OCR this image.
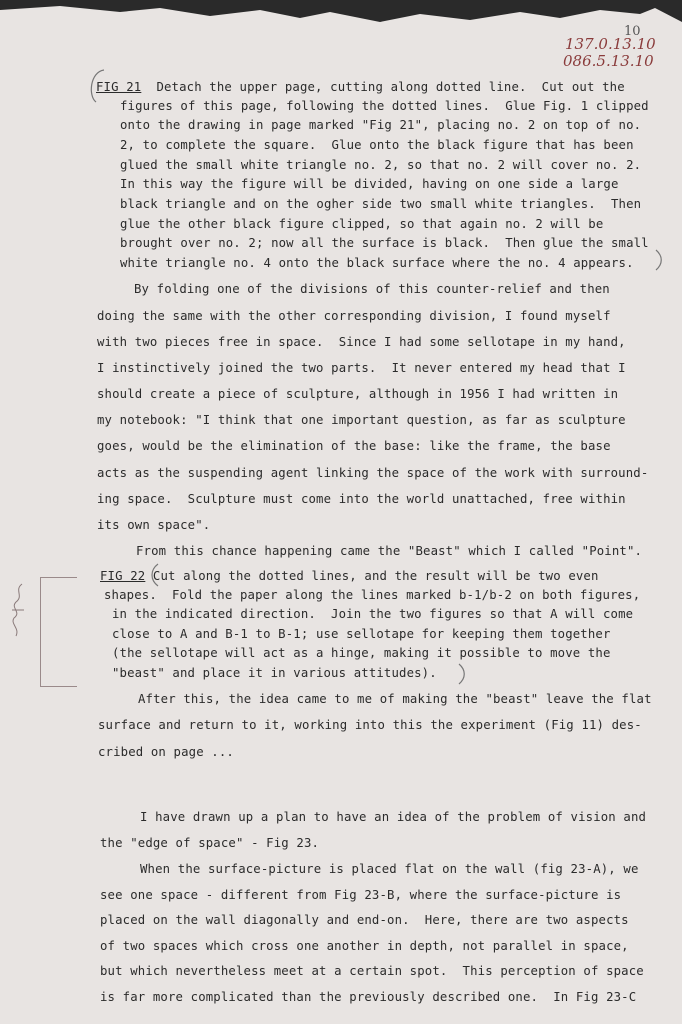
10
137.0.13.10
086.5.13.10
FIG 21 Detach the upper page, cutting along dotted line.  Cut out the
figures of this page, following the dotted lines.  Glue Fig. 1 clipped
onto the drawing in page marked "Fig 21", placing no. 2 on top of no.
2, to complete the square.  Glue onto the black figure that has been
glued the small white triangle no. 2, so that no. 2 will cover no. 2.
In this way the figure will be divided, having on one side a large
black triangle and on the ogher side two small white triangles.  Then
glue the other black figure clipped, so that again no. 2 will be
brought over no. 2; now all the surface is black.  Then glue the small
white triangle no. 4 onto the black surface where the no. 4 appears.
By folding one of the divisions of this counter-relief and then
doing the same with the other corresponding division, I found myself
with two pieces free in space.  Since I had some sellotape in my hand,
I instinctively joined the two parts.  It never entered my head that I
should create a piece of sculpture, although in 1956 I had written in
my notebook: "I think that one important question, as far as sculpture
goes, would be the elimination of the base: like the frame, the base
acts as the suspending agent linking the space of the work with surround-
ing space.  Sculpture must come into the world unattached, free within
its own space".
From this chance happening came the "Beast" which I called "Point".
FIG 22 Cut along the dotted lines, and the result will be two even
shapes.  Fold the paper along the lines marked b-1/b-2 on both figures,
in the indicated direction.  Join the two figures so that A will come
close to A and B-1 to B-1; use sellotape for keeping them together
(the sellotape will act as a hinge, making it possible to move the
"beast" and place it in various attitudes).
After this, the idea came to me of making the "beast" leave the flat
surface and return to it, working into this the experiment (Fig 11) des-
cribed on page ...
I have drawn up a plan to have an idea of the problem of vision and
the "edge of space" - Fig 23.
When the surface-picture is placed flat on the wall (fig 23-A), we
see one space - different from Fig 23-B, where the surface-picture is
placed on the wall diagonally and end-on.  Here, there are two aspects
of two spaces which cross one another in depth, not parallel in space,
but which nevertheless meet at a certain spot.  This perception of space
is far more complicated than the previously described one.  In Fig 23-C
